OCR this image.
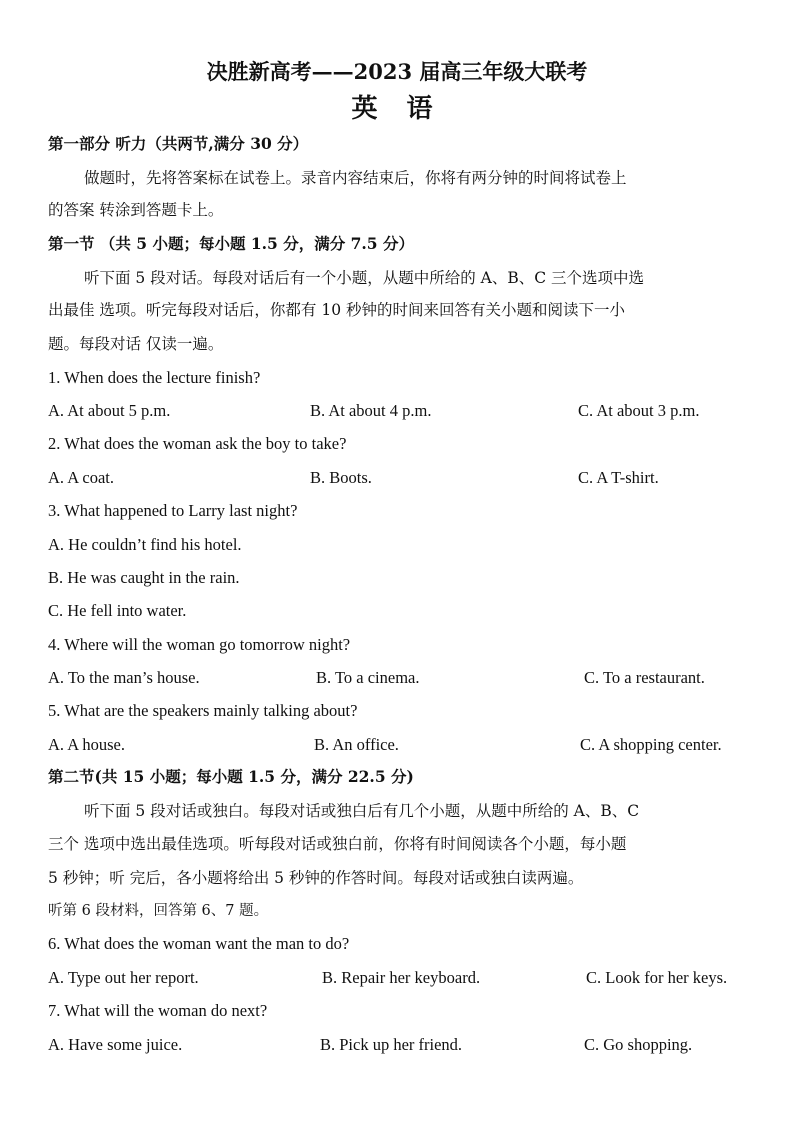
决胜新高考——2023 届高三年级大联考
英 语
第一部分 听力（共两节,满分 30 分）
做题时，先将答案标在试卷上。录音内容结束后，你将有两分钟的时间将试卷上
的答案 转涂到答题卡上。
第一节 （共 5 小题；每小题 1.5 分，满分 7.5 分）
听下面 5 段对话。每段对话后有一个小题，从题中所给的 A、B、C 三个选项中选
出最佳 选项。听完每段对话后，你都有 10 秒钟的时间来回答有关小题和阅读下一小
题。每段对话 仅读一遍。
1. When does the lecture finish?
A. At about 5 p.m.	B. At about 4 p.m.	C. At about 3 p.m.
2. What does the woman ask the boy to take?
A. A coat.	B. Boots.	C. A T-shirt.
3. What happened to Larry last night?
A. He couldn’t find his hotel.
B. He was caught in the rain.
C. He fell into water.
4. Where will the woman go tomorrow night?
A. To the man’s house.	B. To a cinema.	C. To a restaurant.
5. What are the speakers mainly talking about?
A. A house.	B. An office.	C. A shopping center.
第二节(共 15 小题；每小题 1.5 分，满分 22.5 分)
听下面 5 段对话或独白。每段对话或独白后有几个小题，从题中所给的 A、B、C
三个 选项中选出最佳选项。听每段对话或独白前，你将有时间阅读各个小题，每小题
5 秒钟；听 完后，各小题将给出 5 秒钟的作答时间。每段对话或独白读两遍。
听第 6 段材料，回答第 6、7 题。
6. What does the woman want the man to do?
A. Type out her report.	B. Repair her keyboard.	C. Look for her keys.
7. What will the woman do next?
A. Have some juice.	B. Pick up her friend.	C. Go shopping.
